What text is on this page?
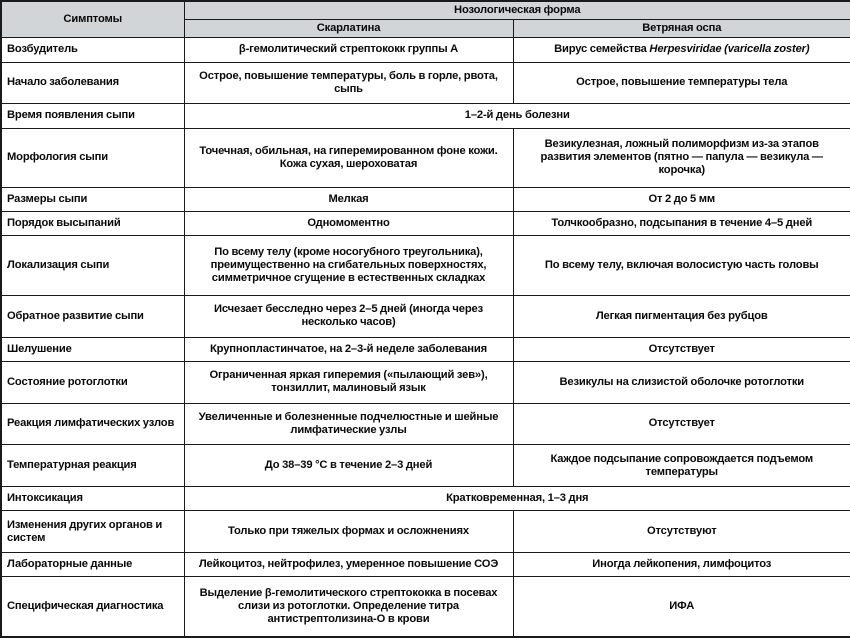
Симптомы	Нозологическая форма	
	Скарлатина	Ветряная оспа
Возбудитель	β-гемолитический стрептококк группы A	Вирус семейства Herpesviridae (varicella zoster)
Начало заболевания	Острое, повышение температуры, боль в горле, рвота, сыпь	Острое, повышение температуры тела
Время появления сыпи	1–2-й день болезни	
Морфология сыпи	Точечная, обильная, на гиперемированном фоне кожи. Кожа сухая, шероховатая	Везикулезная, ложный полиморфизм из-за этапов развития элементов (пятно — папула — везикула — корочка)
Размеры сыпи	Мелкая	От 2 до 5 мм
Порядок высыпаний	Одномоментно	Толчкообразно, подсыпания в течение 4–5 дней
Локализация сыпи	По всему телу (кроме носогубного треугольника), преимущественно на сгибательных поверхностях, симметричное сгущение в естественных складках	По всему телу, включая волосистую часть головы
Обратное развитие сыпи	Исчезает бесследно через 2–5 дней (иногда через несколько часов)	Легкая пигментация без рубцов
Шелушение	Крупнопластинчатое, на 2–3-й неделе заболевания	Отсутствует
Состояние ротоглотки	Ограниченная яркая гиперемия («пылающий зев»), тонзиллит, малиновый язык	Везикулы на слизистой оболочке ротоглотки
Реакция лимфатических узлов	Увеличенные и болезненные подчелюстные и шейные лимфатические узлы	Отсутствует
Температурная реакция	До 38–39 °C в течение 2–3 дней	Каждое подсыпание сопровождается подъемом температуры
Интоксикация	Кратковременная, 1–3 дня	
Изменения других органов и систем	Только при тяжелых формах и осложнениях	Отсутствуют
Лабораторные данные	Лейкоцитоз, нейтрофилез, умеренное повышение СОЭ	Иногда лейкопения, лимфоцитоз
Специфическая диагностика	Выделение β-гемолитического стрептококка в посевах слизи из ротоглотки. Определение титра антистрептолизина-О в крови	ИФА
